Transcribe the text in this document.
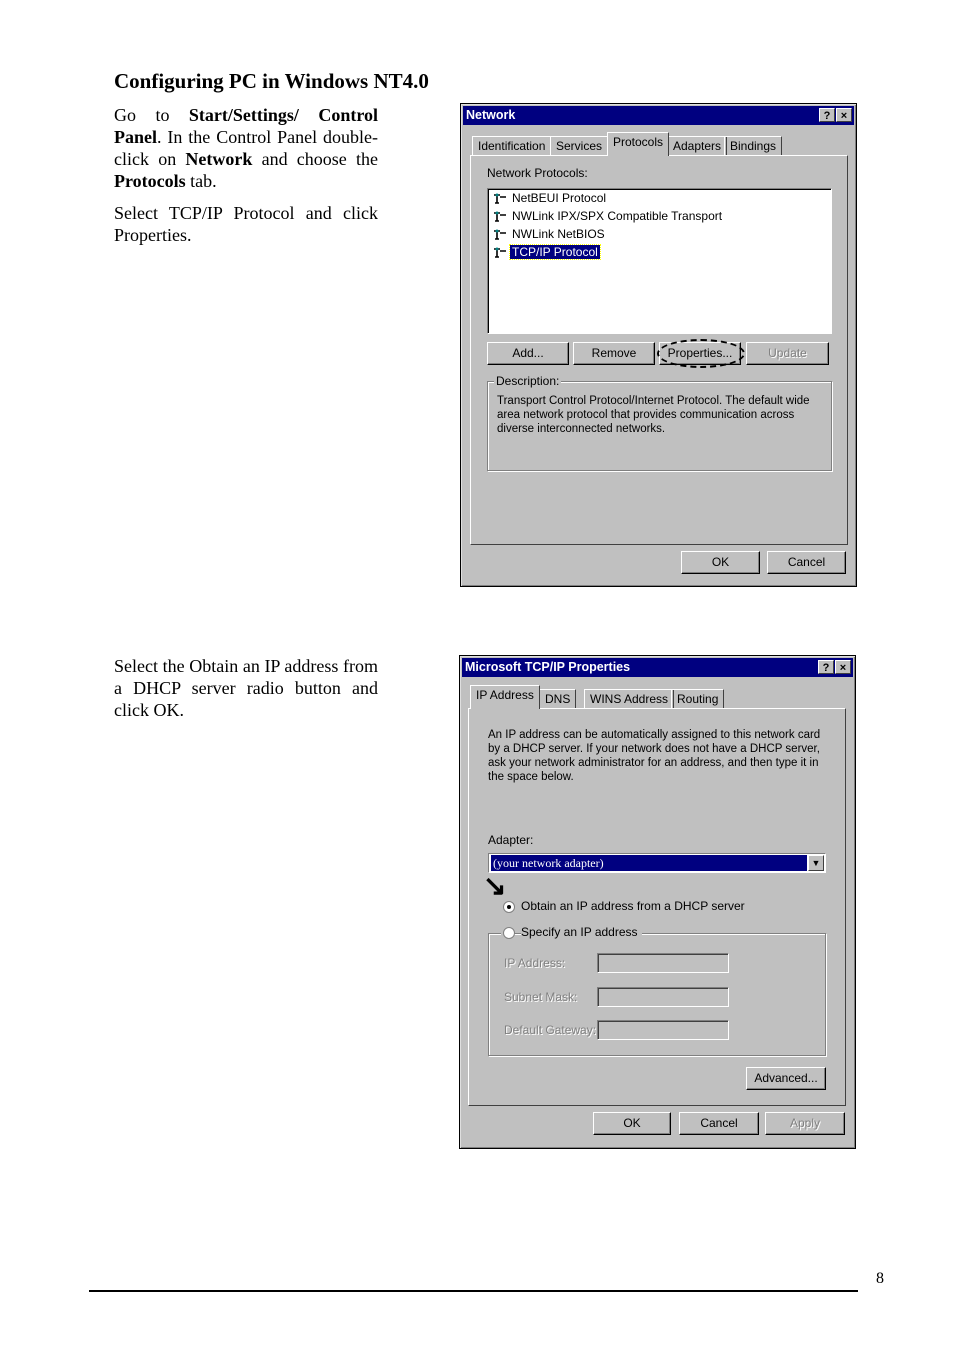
Configuring PC in Windows NT4.0
Go to Start/Settings/ Control Panel. In the Control Panel double-click on Network and choose the Protocols tab.
Select TCP/IP Protocol and click Properties.
Select the Obtain an IP address from a DHCP server radio button and click OK.
8
Network	? ×
Identification Services Protocols Adapters Bindings
Network Protocols:
NetBEUI Protocol
NWLink IPX/SPX Compatible Transport
NWLink NetBIOS
TCP/IP Protocol
Add...	Remove	Properties...	Update
Description:
Transport Control Protocol/Internet Protocol. The default wide area network protocol that provides communication across diverse interconnected networks.
OK	Cancel
Microsoft TCP/IP Properties	? ×
IP Address DNS	WINS Address Routing
An IP address can be automatically assigned to this network card by a DHCP server. If your network does not have a DHCP server, ask your network administrator for an address, and then type it in the space below.
Adapter:
(your network adapter)	▼
↘
Obtain an IP address from a DHCP server
Specify an IP address
IP Address:
Subnet Mask:
Default Gateway:
Advanced...
OK	Cancel	Apply
